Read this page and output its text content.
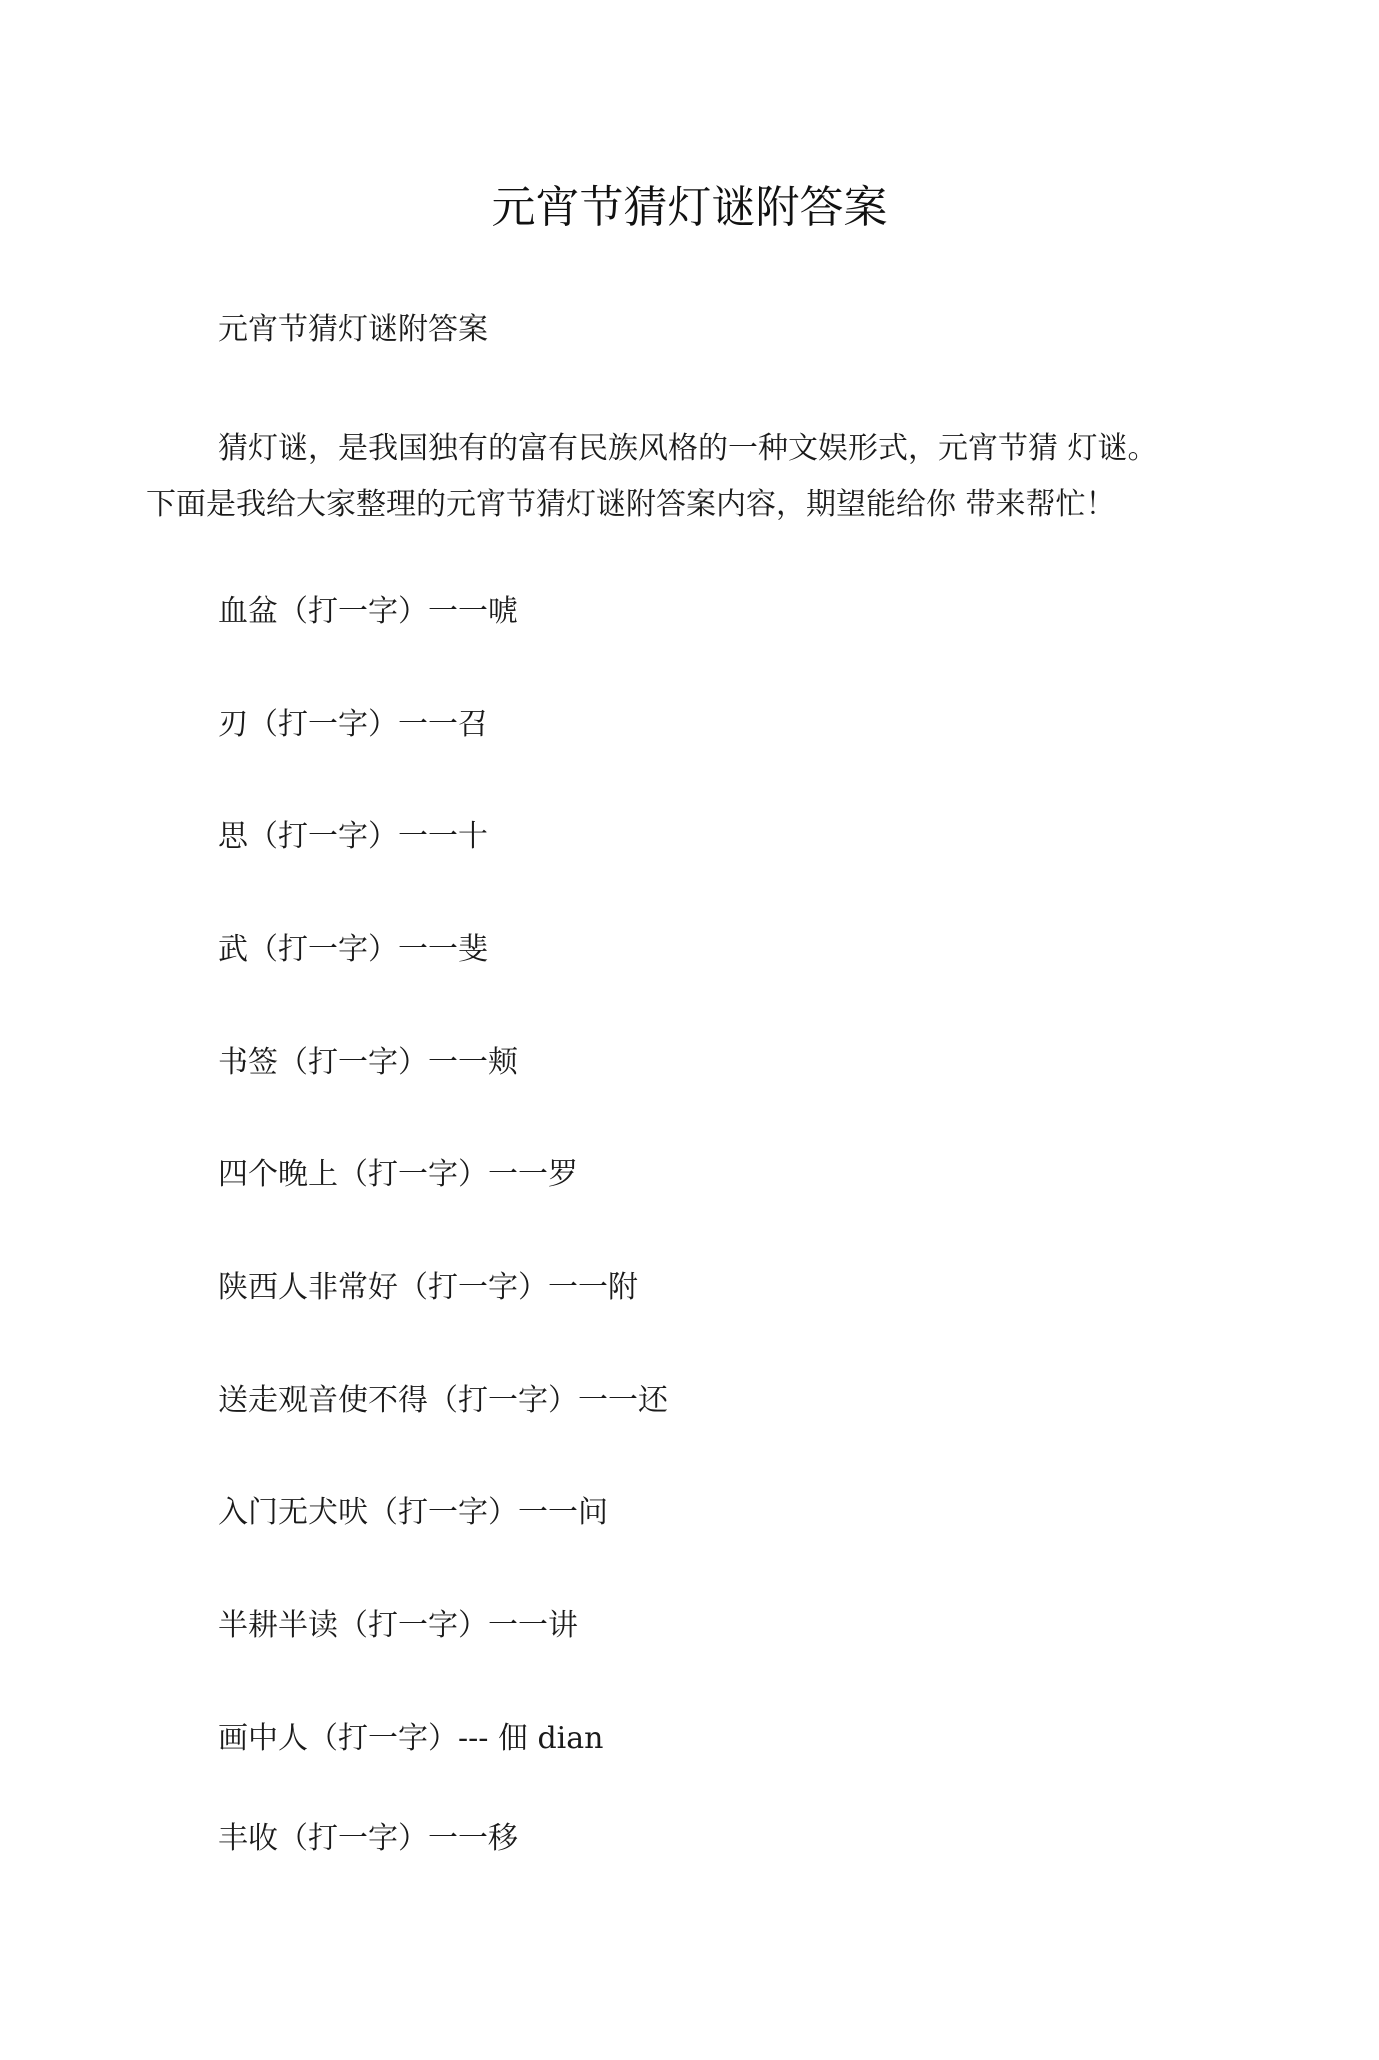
元宵节猜灯谜附答案
元宵节猜灯谜附答案
猜灯谜，是我国独有的富有民族风格的一种文娱形式，元宵节猜 灯谜。
下面是我给大家整理的元宵节猜灯谜附答案内容，期望能给你 带来帮忙！
血盆（打一字）一一唬
刃（打一字）一一召
思（打一字）一一十
武（打一字）一一斐
书签（打一字）一一颊
四个晚上（打一字）一一罗
陕西人非常好（打一字）一一附
送走观音使不得（打一字）一一还
入门无犬吠（打一字）一一问
半耕半读（打一字）一一讲
画中人（打一字）--- 佃 dian
丰收（打一字）一一移
